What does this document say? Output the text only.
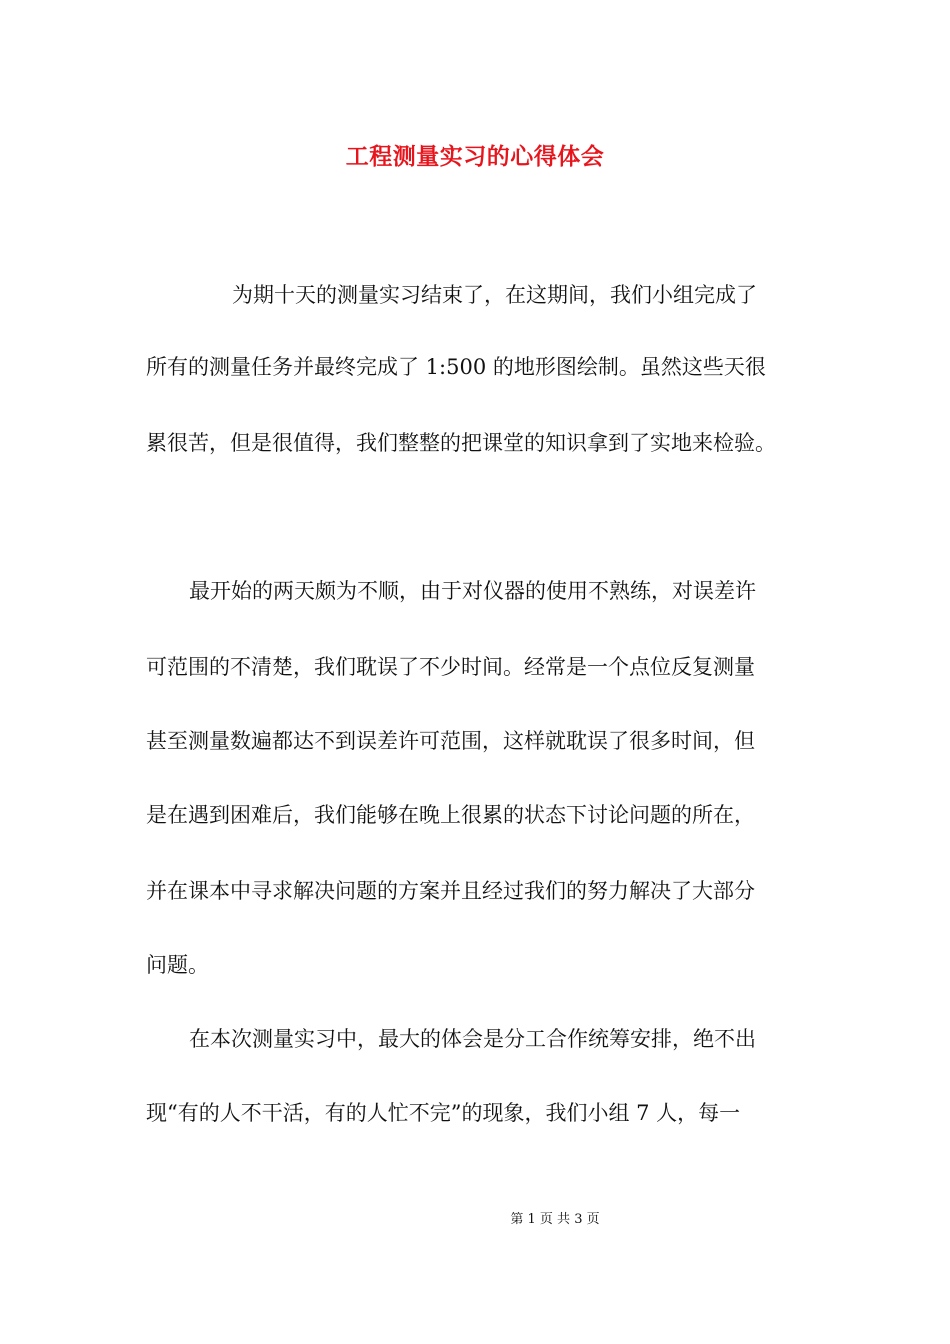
工程测量实习的心得体会
为期十天的测量实习结束了，在这期间，我们小组完成了
所有的测量任务并最终完成了 1:500 的地形图绘制。虽然这些天很
累很苦，但是很值得，我们整整的把课堂的知识拿到了实地来检验。
最开始的两天颇为不顺，由于对仪器的使用不熟练，对误差许
可范围的不清楚，我们耽误了不少时间。经常是一个点位反复测量
甚至测量数遍都达不到误差许可范围，这样就耽误了很多时间，但
是在遇到困难后，我们能够在晚上很累的状态下讨论问题的所在，
并在课本中寻求解决问题的方案并且经过我们的努力解决了大部分
问题。
在本次测量实习中，最大的体会是分工合作统筹安排，绝不出
现“有的人不干活，有的人忙不完”的现象，我们小组 7 人，每一
第 1 页 共 3 页
